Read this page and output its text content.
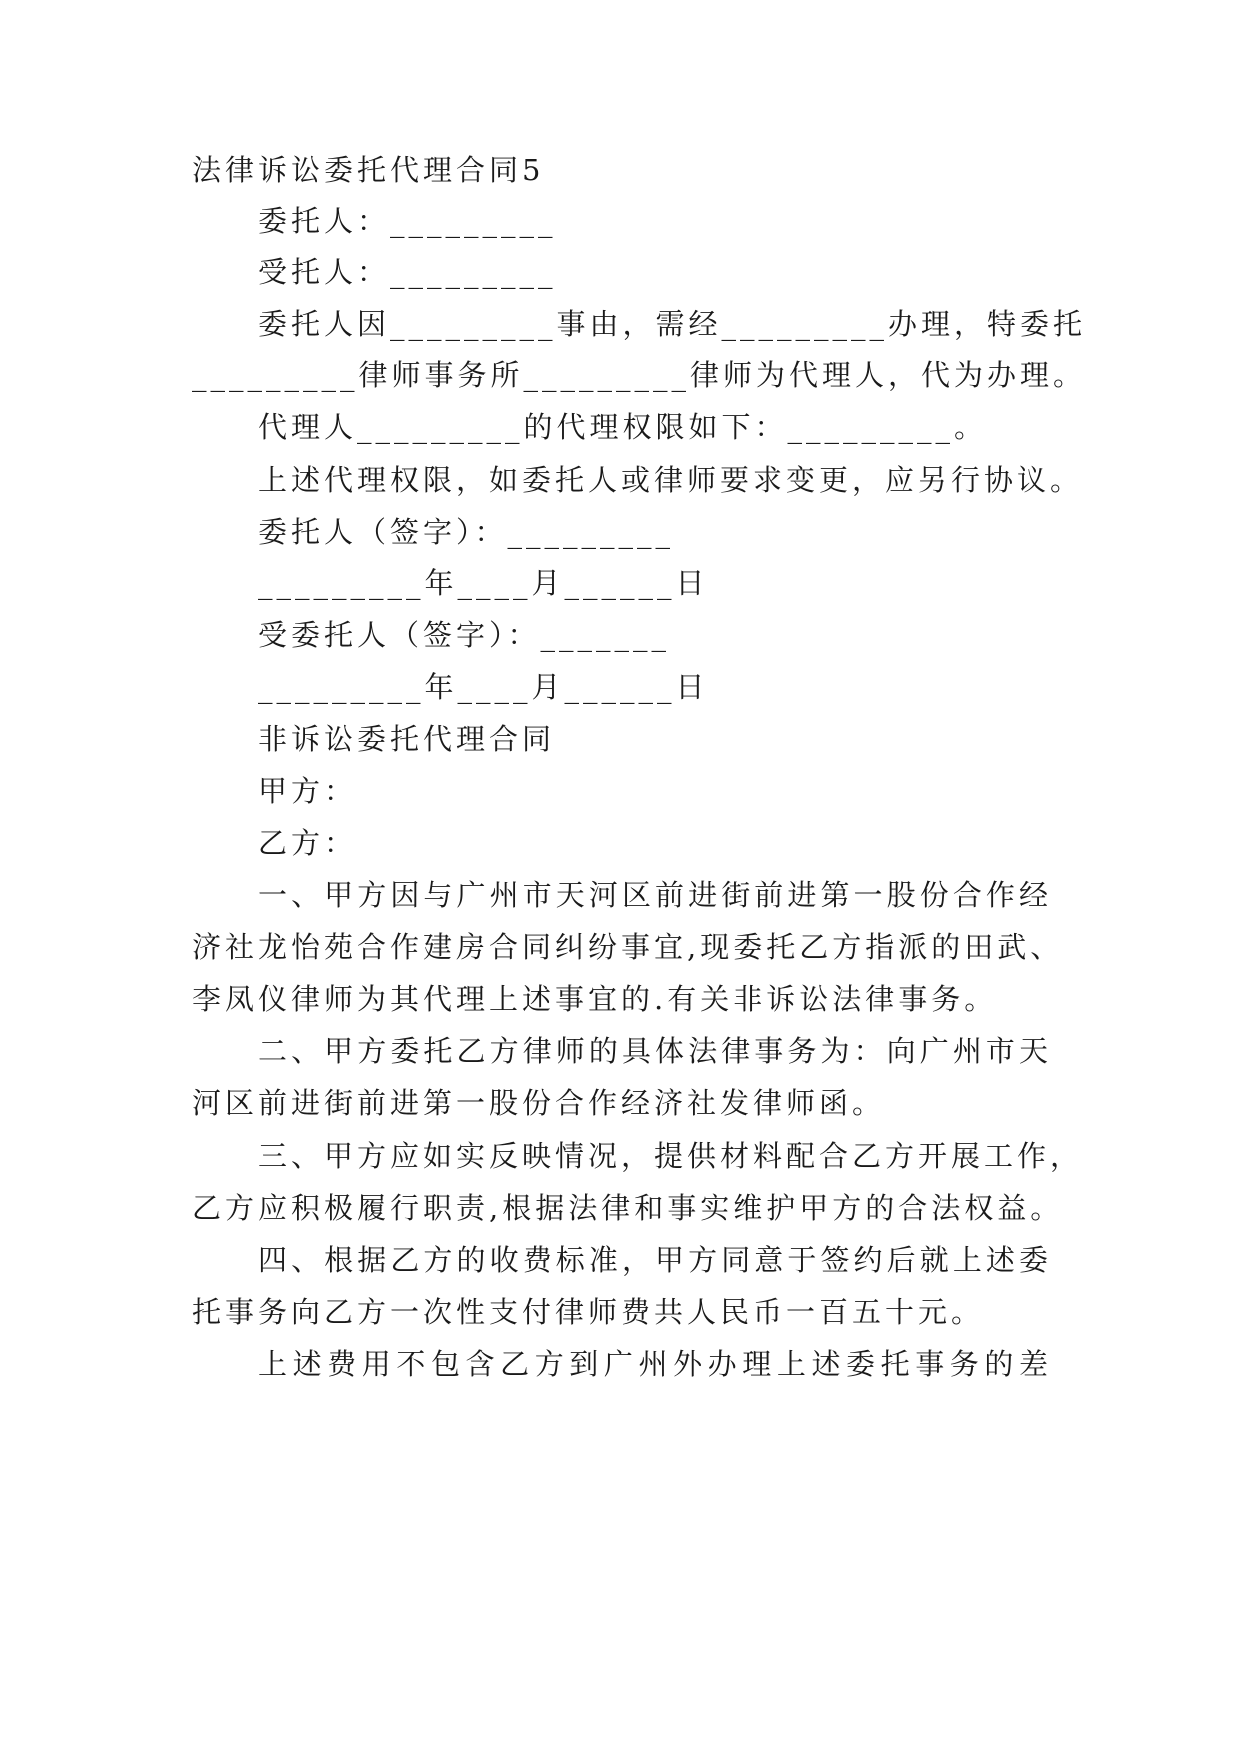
法律诉讼委托代理合同5
委托人：_________
受托人：_________
委托人因_________事由，需经_________办理，特委托
_________律师事务所_________律师为代理人，代为办理。
代理人_________的代理权限如下：_________。
上述代理权限，如委托人或律师要求变更，应另行协议。
委托人（签字）：_________
_________年____月______日
受委托人（签字）：_______
_________年____月______日
非诉讼委托代理合同
甲方：
乙方：
一、甲方因与广州市天河区前进街前进第一股份合作经
济社龙怡苑合作建房合同纠纷事宜,现委托乙方指派的田武、
李凤仪律师为其代理上述事宜的.有关非诉讼法律事务。
二、甲方委托乙方律师的具体法律事务为：向广州市天
河区前进街前进第一股份合作经济社发律师函。
三、甲方应如实反映情况，提供材料配合乙方开展工作，
乙方应积极履行职责,根据法律和事实维护甲方的合法权益。
四、根据乙方的收费标准，甲方同意于签约后就上述委
托事务向乙方一次性支付律师费共人民币一百五十元。
上述费用不包含乙方到广州外办理上述委托事务的差
